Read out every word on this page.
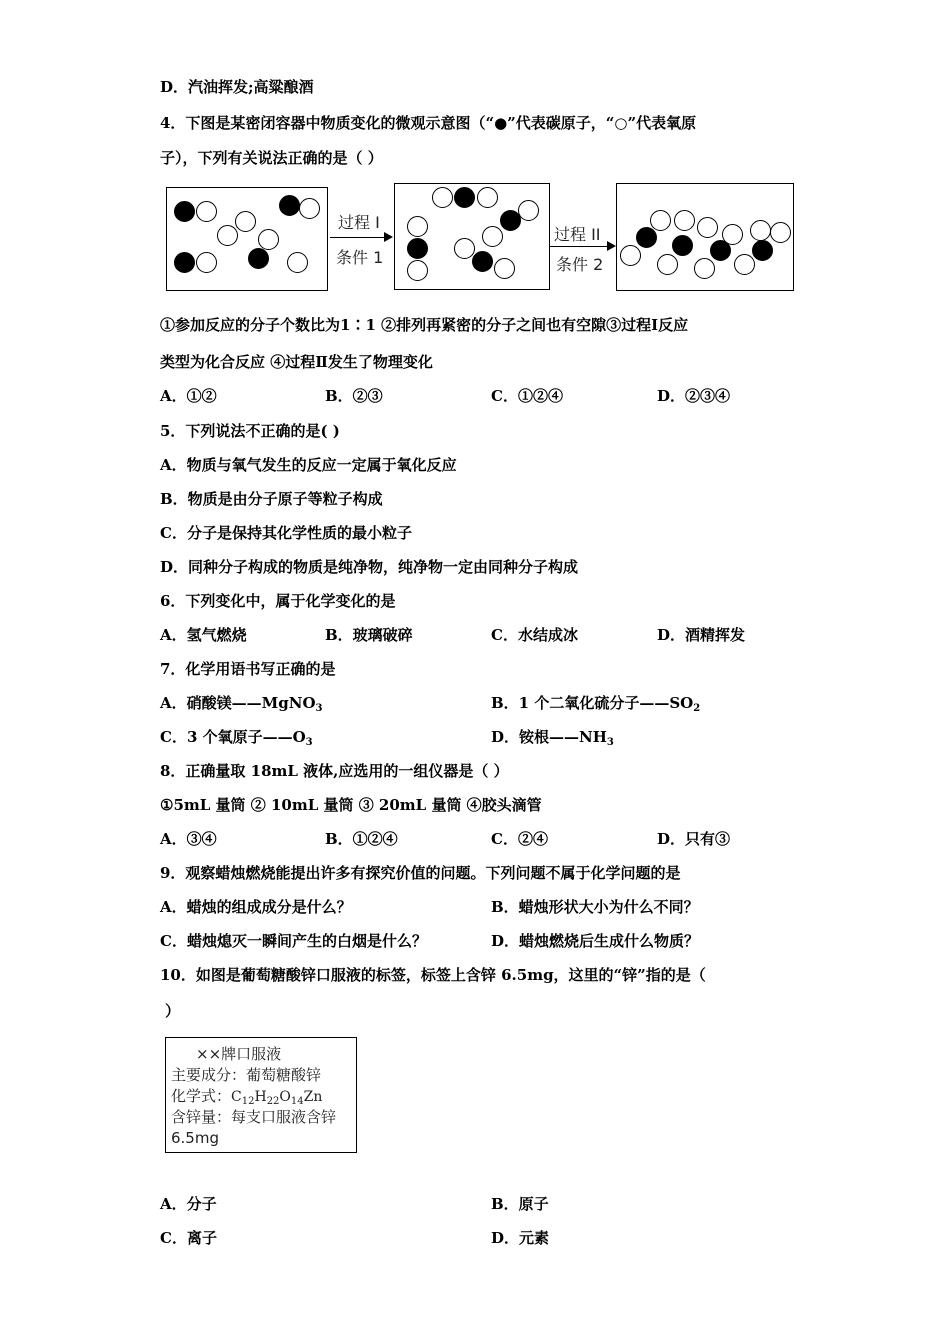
D．汽油挥发;高粱酿酒
4．下图是某密闭容器中物质变化的微观示意图（“●”代表碳原子，“○”代表氧原
子），下列有关说法正确的是（ ）
过程 I
条件 1
过程 II
条件 2
①参加反应的分子个数比为1∶1 ②排列再紧密的分子之间也有空隙③过程Ⅰ反应
类型为化合反应 ④过程Ⅱ发生了物理变化
A．①②	B．②③	C．①②④	D．②③④
5．下列说法不正确的是( )
A．物质与氧气发生的反应一定属于氧化反应
B．物质是由分子原子等粒子构成
C．分子是保持其化学性质的最小粒子
D．同种分子构成的物质是纯净物，纯净物一定由同种分子构成
6．下列变化中，属于化学变化的是
A．氢气燃烧	B．玻璃破碎	C．水结成冰	D．酒精挥发
7．化学用语书写正确的是
A．硝酸镁——MgNO$_3$	B．1 个二氧化硫分子$——SO_2$
C．3 个氧原子$——O_3$	D．铵根$——NH_3$
8．正确量取 18mL 液体,应选用的一组仪器是（ ）
①5mL 量筒 ② 10mL 量筒 ③ 20mL 量筒 ④胶头滴管
A．③④	B．①②④	C．②④	D．只有③
9．观察蜡烛燃烧能提出许多有探究价值的问题。下列问题不属于化学问题的是
A．蜡烛的组成成分是什么？	B．蜡烛形状大小为什么不同？
C．蜡烛熄灭一瞬间产生的白烟是什么？	D．蜡烛燃烧后生成什么物质？
10．如图是葡萄糖酸锌口服液的标签，标签上含锌 6.5mg，这里的“锌”指的是（
）
××牌口服液
主要成分：葡萄糖酸锌
化学式：$C_{12}H_{22}O_{14}Zn$
含锌量：每支口服液含锌
6.5mg
A．分子	B．原子
C．离子	D．元素
